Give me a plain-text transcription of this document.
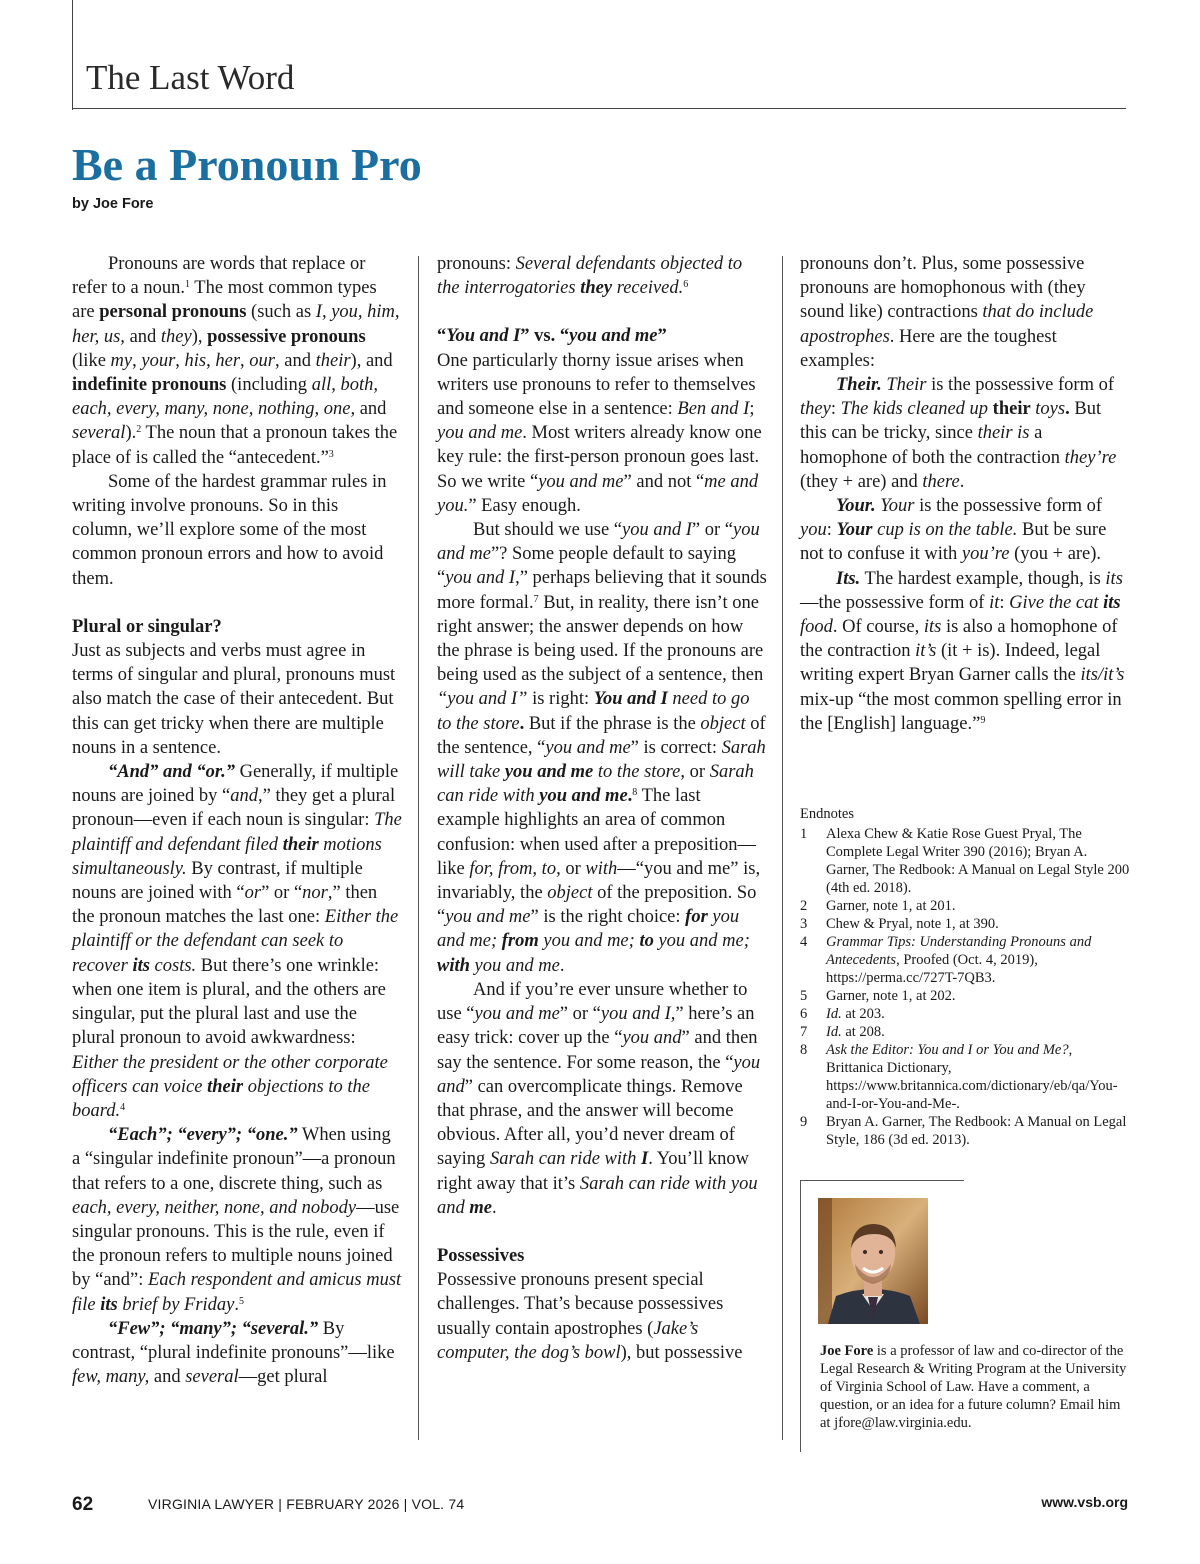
The Last Word
Be a Pronoun Pro
by Joe Fore

Pronouns are words that replace or refer to a noun.$^1$ The most common types are personal pronouns (such as I, you, him, her, us, and they), possessive pronouns (like my, your, his, her, our, and their), and indefinite pronouns (including all, both, each, every, many, none, nothing, one, and several).$^2$ The noun that a pronoun takes the place of is called the “antecedent.”$^3$

Some of the hardest grammar rules in writing involve pronouns. So in this column, we’ll explore some of the most common pronoun errors and how to avoid them.

Plural or singular?

Just as subjects and verbs must agree in terms of singular and plural, pronouns must also match the case of their antecedent. But this can get tricky when there are multiple nouns in a sentence.

“And” and “or.” Generally, if multiple nouns are joined by “and,” they get a plural pronoun—even if each noun is singular: The plaintiff and defendant filed their motions simultaneously. By contrast, if multiple nouns are joined with “or” or “nor,” then the pronoun matches the last one: Either the plaintiff or the defendant can seek to recover its costs. But there’s one wrinkle: when one item is plural, and the others are singular, put the plural last and use the plural pronoun to avoid awkwardness: Either the president or the other corporate officers can voice their objections to the board.$^4$

“Each”; “every”; “one.” When using a “singular indefinite pronoun”—a pronoun that refers to a one, discrete thing, such as each, every, neither, none, and nobody—use singular pronouns. This is the rule, even if the pronoun refers to multiple nouns joined by “and”: Each respondent and amicus must file its brief by Friday.$^5$

“Few”; “many”; “several.” By contrast, “plural indefinite pronouns”—like few, many, and several—get plural

pronouns: Several defendants objected to the interrogatories they received.$^6$

“You and I” vs. “you and me”

One particularly thorny issue arises when writers use pronouns to refer to themselves and someone else in a sentence: Ben and I; you and me. Most writers already know one key rule: the first-person pronoun goes last. So we write “you and me” and not “me and you.” Easy enough.

But should we use “you and I” or “you and me”? Some people default to saying “you and I,” perhaps believing that it sounds more formal.$^7$ But, in reality, there isn’t one right answer; the answer depends on how the phrase is being used. If the pronouns are being used as the subject of a sentence, then “you and I” is right: You and I need to go to the store. But if the phrase is the object of the sentence, “you and me” is correct: Sarah will take you and me to the store, or Sarah can ride with you and me.$^8$ The last example highlights an area of common confusion: when used after a preposition—like for, from, to, or with—“you and me” is, invariably, the object of the preposition. So “you and me” is the right choice: for you and me; from you and me; to you and me; with you and me.

And if you’re ever unsure whether to use “you and me” or “you and I,” here’s an easy trick: cover up the “you and” and then say the sentence. For some reason, the “you and” can overcomplicate things. Remove that phrase, and the answer will become obvious. After all, you’d never dream of saying Sarah can ride with I. You’ll know right away that it’s Sarah can ride with you and me.

Possessives

Possessive pronouns present special challenges. That’s because possessives usually contain apostrophes (Jake’s computer, the dog’s bowl), but possessive

pronouns don’t. Plus, some possessive pronouns are homophonous with (they sound like) contractions that do include apostrophes. Here are the toughest examples:

Their. Their is the possessive form of they: The kids cleaned up their toys. But this can be tricky, since their is a homophone of both the contraction they’re (they + are) and there.

Your. Your is the possessive form of you: Your cup is on the table. But be sure not to confuse it with you’re (you + are).

Its. The hardest example, though, is its—the possessive form of it: Give the cat its food. Of course, its is also a homophone of the contraction it’s (it + is). Indeed, legal writing expert Bryan Garner calls the its/it’s mix-up “the most common spelling error in the [English] language.”$^9$

Endnotes

1	Alexa Chew & Katie Rose Guest Pryal, The Complete Legal Writer 390 (2016); Bryan A. Garner, The Redbook: A Manual on Legal Style 200 (4th ed. 2018).
2	Garner, note 1, at 201.
3	Chew & Pryal, note 1, at 390.
4	Grammar Tips: Understanding Pronouns and Antecedents, Proofed (Oct. 4, 2019), https://perma.cc/727T-7QB3.
5	Garner, note 1, at 202.
6	Id. at 203.
7	Id. at 208.
8	Ask the Editor: You and I or You and Me?, Brittanica Dictionary, https://www.britannica.com/dictionary/eb/qa/You-and-I-or-You-and-Me-.
9	Bryan A. Garner, The Redbook: A Manual on Legal Style, 186 (3d ed. 2013).
Joe Fore is a professor of law and co-director of the Legal Research & Writing Program at the University of Virginia School of Law. Have a comment, a question, or an idea for a future column? Email him at jfore@law.virginia.edu.
62	VIRGINIA LAWYER | FEBRUARY 2026 | VOL. 74	www.vsb.org
